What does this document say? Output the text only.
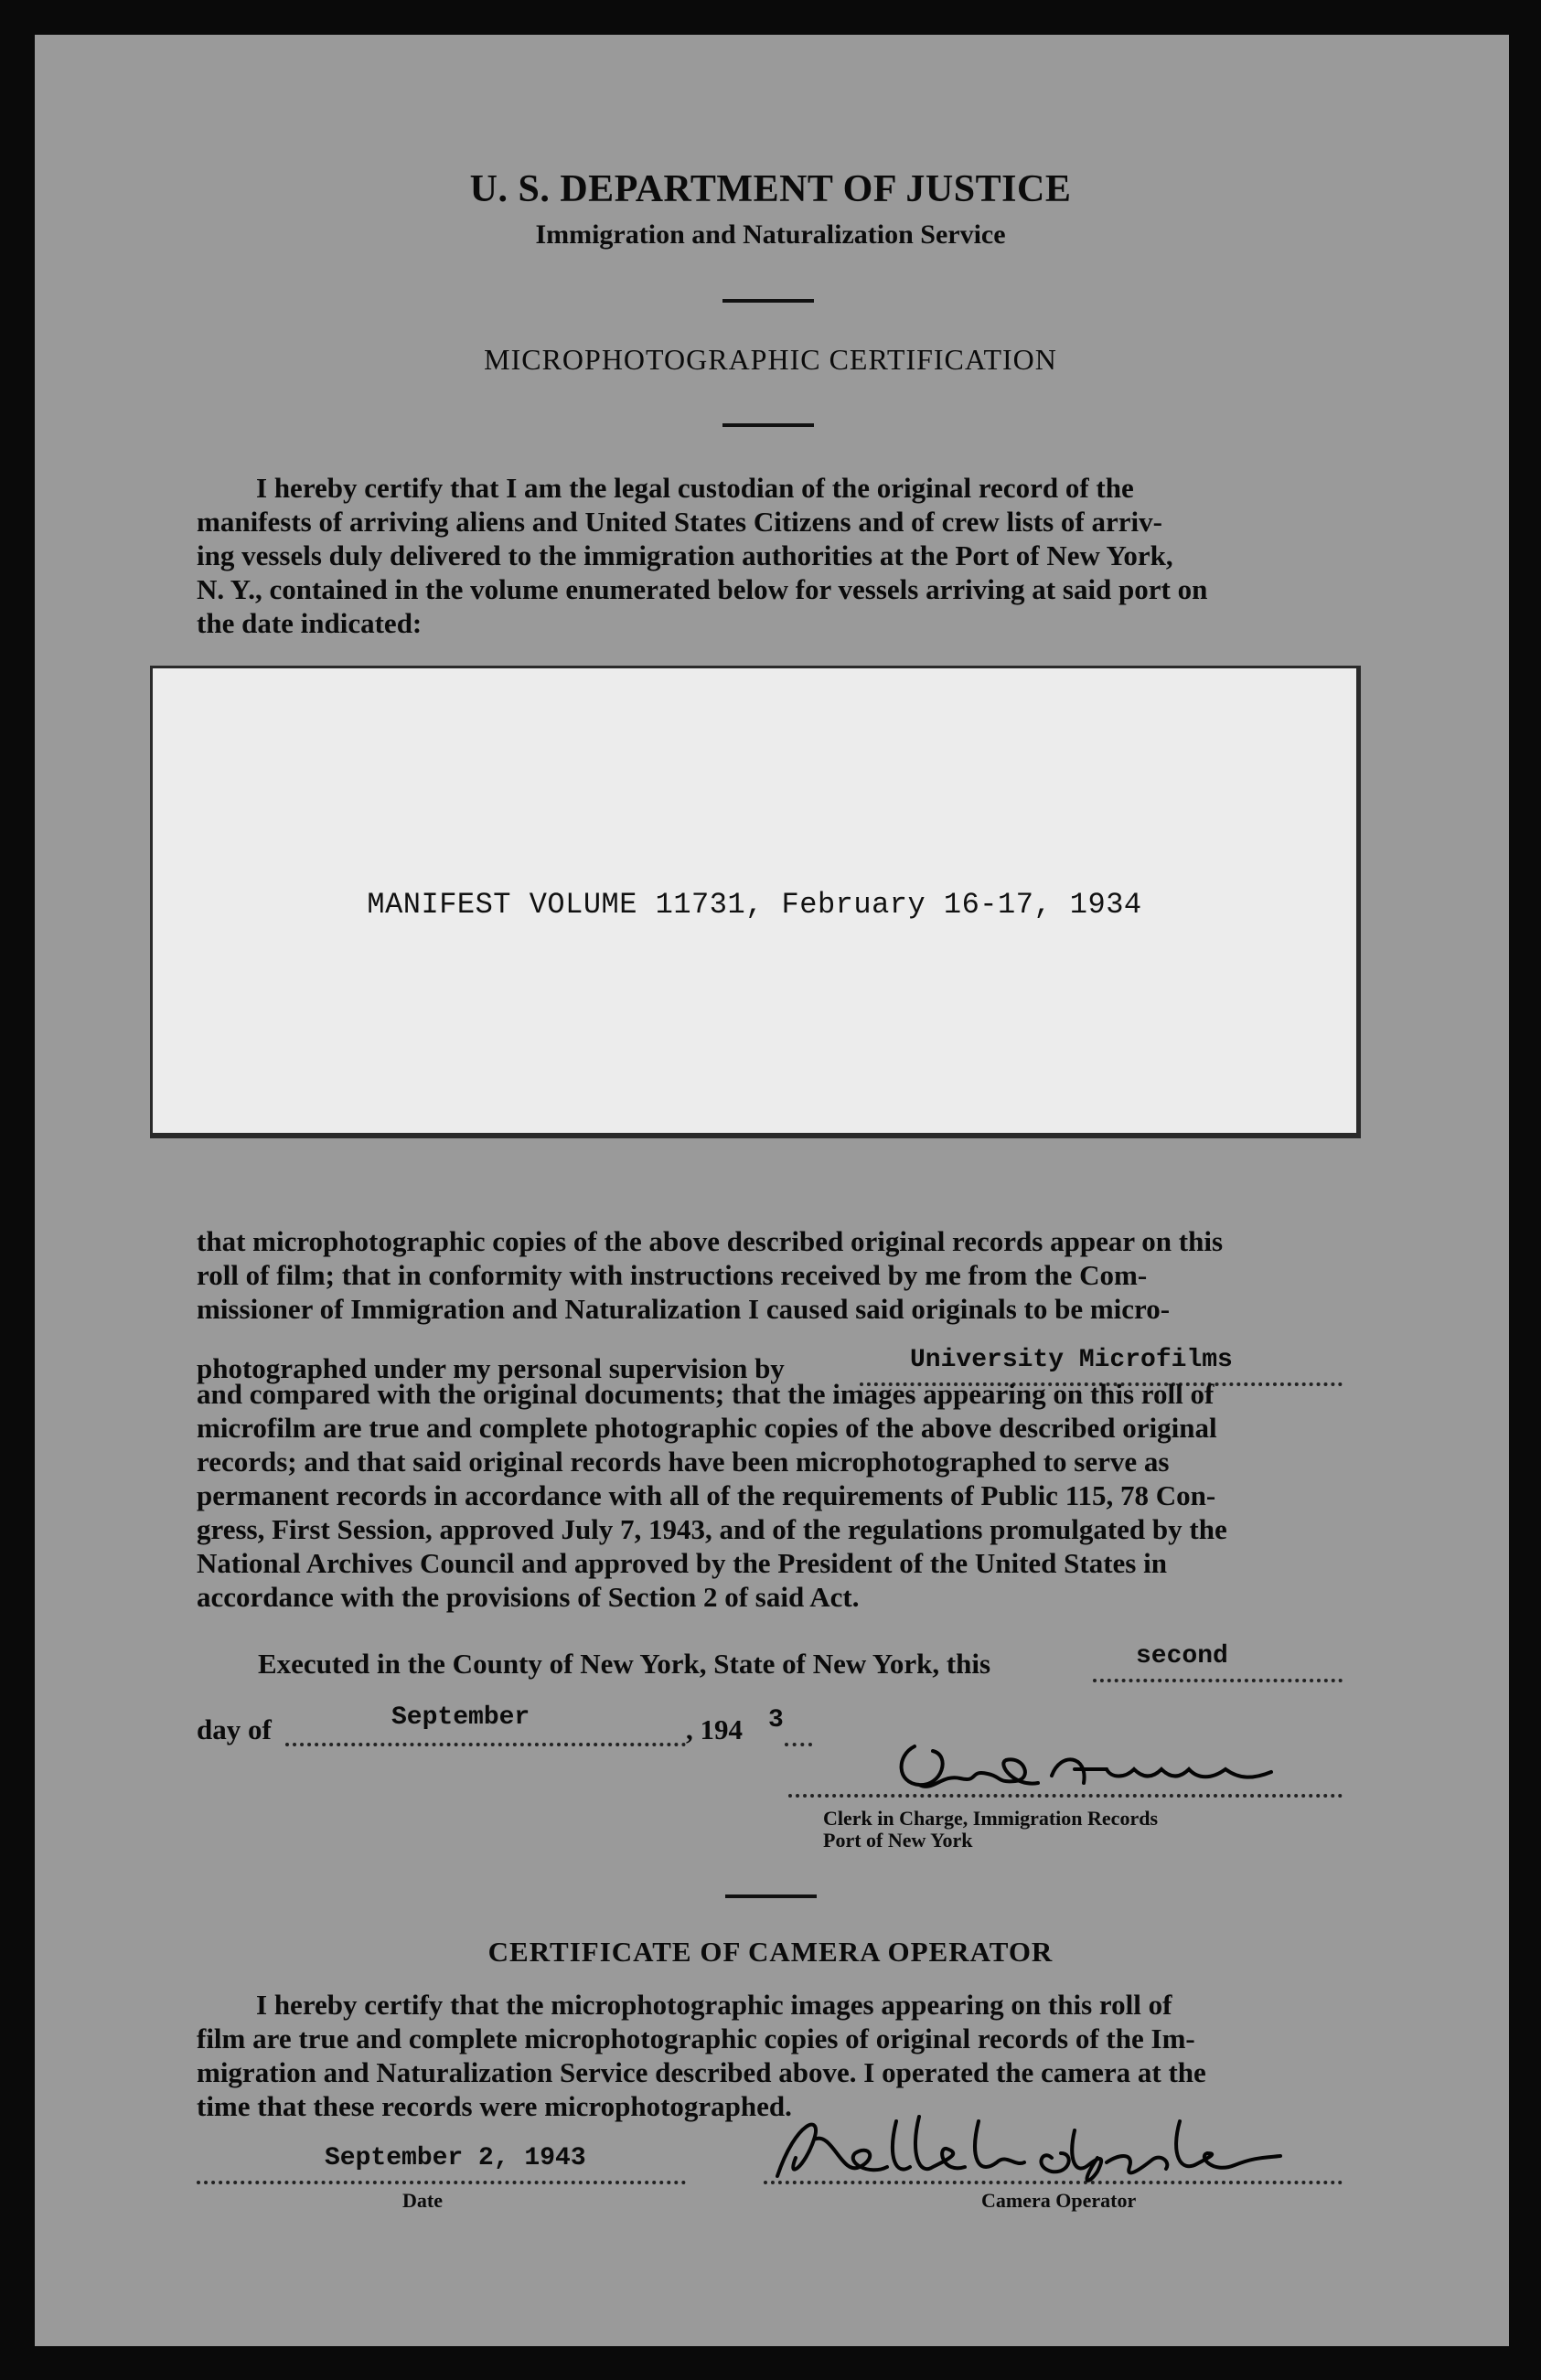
U. S. DEPARTMENT OF JUSTICE
Immigration and Naturalization Service
MICROPHOTOGRAPHIC CERTIFICATION
I hereby certify that I am the legal custodian of the original record of the
manifests of arriving aliens and United States Citizens and of crew lists of arriv-
ing vessels duly delivered to the immigration authorities at the Port of New York,
N. Y., contained in the volume enumerated below for vessels arriving at said port on
the date indicated:
MANIFEST VOLUME 11731, February 16-17, 1934
that microphotographic copies of the above described original records appear on this
roll of film; that in conformity with instructions received by me from the Com-
missioner of Immigration and Naturalization I caused said originals to be micro-
photographed under my personal supervision by	University Microfilms
and compared with the original documents; that the images appearing on this roll of
microfilm are true and complete photographic copies of the above described original
records; and that said original records have been microphotographed to serve as
permanent records in accordance with all of the requirements of Public 115, 78 Con-
gress, First Session, approved July 7, 1943, and of the regulations promulgated by the
National Archives Council and approved by the President of the United States in
accordance with the provisions of Section 2 of said Act.
Executed in the County of New York, State of New York, this	second
day of	September	, 194	3
Clerk in Charge, Immigration Records
Port of New York
CERTIFICATE OF CAMERA OPERATOR
I hereby certify that the microphotographic images appearing on this roll of
film are true and complete microphotographic copies of original records of the Im-
migration and Naturalization Service described above. I operated the camera at the
time that these records were microphotographed.
September 2, 1943
Date	Camera Operator
